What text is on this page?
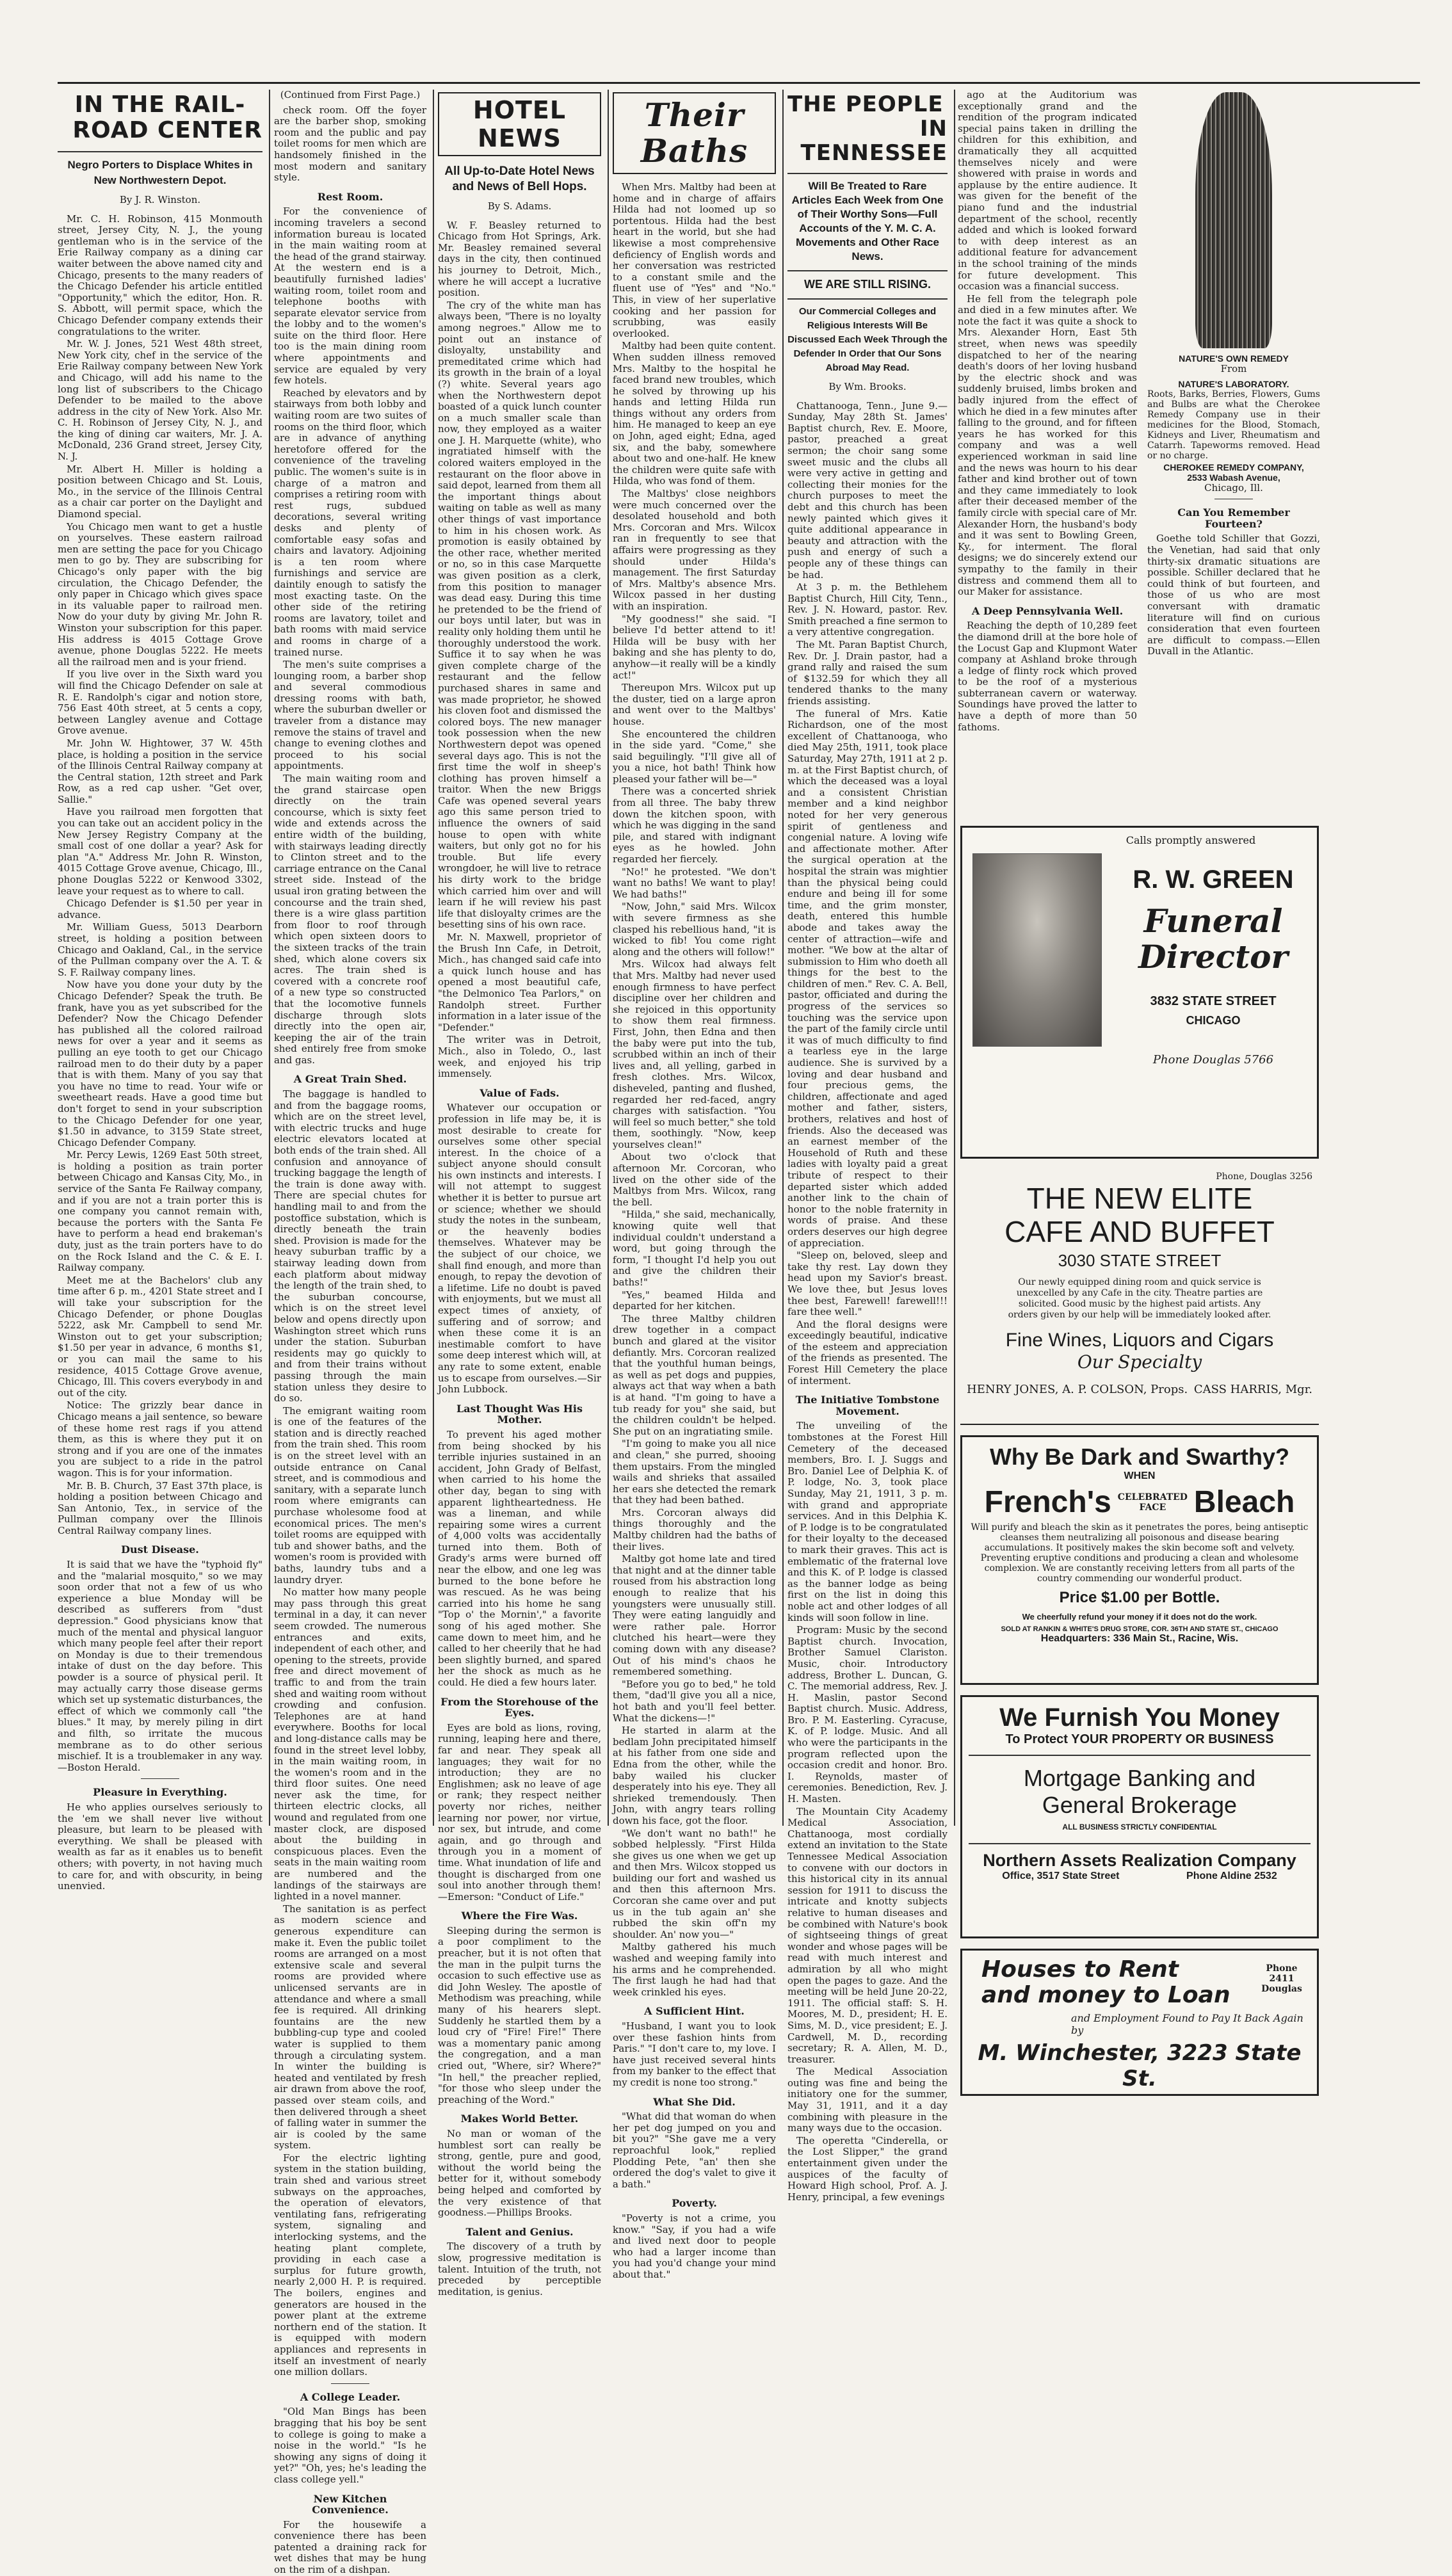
IN THE RAIL-
ROAD CENTER
Negro Porters to Displace Whites in New Northwestern Depot.
By J. R. Winston.

Mr. C. H. Robinson, 415 Monmouth street, Jersey City, N. J., the young gentleman who is in the service of the Erie Railway company as a dining car waiter between the above named city and Chicago, presents to the many readers of the Chicago Defender his article entitled "Opportunity," which the editor, Hon. R. S. Abbott, will permit space, which the Chicago Defender company extends their congratulations to the writer.

Mr. W. J. Jones, 521 West 48th street, New York city, chef in the service of the Erie Railway company between New York and Chicago, will add his name to the long list of subscribers to the Chicago Defender to be mailed to the above address in the city of New York. Also Mr. C. H. Robinson of Jersey City, N. J., and the king of dining car waiters, Mr. J. A. McDonald, 236 Grand street, Jersey City, N. J.

Mr. Albert H. Miller is holding a position between Chicago and St. Louis, Mo., in the service of the Illinois Central as a chair car porter on the Daylight and Diamond special.

You Chicago men want to get a hustle on yourselves. These eastern railroad men are setting the pace for you Chicago men to go by. They are subscribing for Chicago's only paper with the big circulation, the Chicago Defender, the only paper in Chicago which gives space in its valuable paper to railroad men. Now do your duty by giving Mr. John R. Winston your subscription for this paper. His address is 4015 Cottage Grove avenue, phone Douglas 5222. He meets all the railroad men and is your friend.

If you live over in the Sixth ward you will find the Chicago Defender on sale at R. E. Randolph's cigar and notion store, 756 East 40th street, at 5 cents a copy, between Langley avenue and Cottage Grove avenue.

Mr. John W. Hightower, 37 W. 45th place, is holding a position in the service of the Illinois Central Railway company at the Central station, 12th street and Park Row, as a red cap usher. "Get over, Sallie."

Have you railroad men forgotten that you can take out an accident policy in the New Jersey Registry Company at the small cost of one dollar a year? Ask for plan "A." Address Mr. John R. Winston, 4015 Cottage Grove avenue, Chicago, Ill., phone Douglas 5222 or Kenwood 3302, leave your request as to where to call.

Chicago Defender is $1.50 per year in advance.

Mr. William Guess, 5013 Dearborn street, is holding a position between Chicago and Oakland, Cal., in the service of the Pullman company over the A. T. & S. F. Railway company lines.

Now have you done your duty by the Chicago Defender? Speak the truth. Be frank, have you as yet subscribed for the Defender? Now the Chicago Defender has published all the colored railroad news for over a year and it seems as pulling an eye tooth to get our Chicago railroad men to do their duty by a paper that is with them. Many of you say that you have no time to read. Your wife or sweetheart reads. Have a good time but don't forget to send in your subscription to the Chicago Defender for one year, $1.50 in advance, to 3159 State street, Chicago Defender Company.

Mr. Percy Lewis, 1269 East 50th street, is holding a position as train porter between Chicago and Kansas City, Mo., in service of the Santa Fe Railway company, and if you are not a train porter this is one company you cannot remain with, because the porters with the Santa Fe have to perform a head end brakeman's duty, just as the train porters have to do on the Rock Island and the C. & E. I. Railway company.

Meet me at the Bachelors' club any time after 6 p. m., 4201 State street and I will take your subscription for the Chicago Defender, or phone Douglas 5222, ask Mr. Campbell to send Mr. Winston out to get your subscription; $1.50 per year in advance, 6 months $1, or you can mail the same to his residence, 4015 Cottage Grove avenue, Chicago, Ill. This covers everybody in and out of the city.

Notice: The grizzly bear dance in Chicago means a jail sentence, so beware of these home rest rags if you attend them, as this is where they put it on strong and if you are one of the inmates you are subject to a ride in the patrol wagon. This is for your information.

Mr. B. B. Church, 37 East 37th place, is holding a position between Chicago and San Antonio, Tex., in service of the Pullman company over the Illinois Central Railway company lines.

Dust Disease.

It is said that we have the "typhoid fly" and the "malarial mosquito," so we may soon order that not a few of us who experience a blue Monday will be described as sufferers from "dust depression." Good physicians know that much of the mental and physical languor which many people feel after their report on Monday is due to their tremendous intake of dust on the day before. This powder is a source of physical peril. It may actually carry those disease germs which set up systematic disturbances, the effect of which we commonly call "the blues." It may, by merely piling in dirt and filth, so irritate the mucous membrane as to do other serious mischief. It is a troublemaker in any way.—Boston Herald.

Pleasure in Everything.

He who applies ourselves seriously to the 'em we shall never live without pleasure, but learn to be pleased with everything. We shall be pleased with wealth as far as it enables us to benefit others; with poverty, in not having much to care for, and with obscurity, in being unenvied.

(Continued from First Page.)

check room. Off the foyer are the barber shop, smoking room and the public and pay toilet rooms for men which are handsomely finished in the most modern and sanitary style.

Rest Room.

For the convenience of incoming travelers a second information bureau is located in the main waiting room at the head of the grand stairway. At the western end is a beautifully furnished ladies' waiting room, toilet room and telephone booths with separate elevator service from the lobby and to the women's suite on the third floor. Here too is the main dining room where appointments and service are equaled by very few hotels.

Reached by elevators and by stairways from both lobby and waiting room are two suites of rooms on the third floor, which are in advance of anything heretofore offered for the convenience of the traveling public. The women's suite is in charge of a matron and comprises a retiring room with rest rugs, subdued decorations, several writing desks and plenty of comfortable easy sofas and chairs and lavatory. Adjoining is a ten room where furnishings and service are daintily enough to satisfy the most exacting taste. On the other side of the retiring rooms are lavatory, toilet and bath rooms with maid service and rooms in charge of a trained nurse.

The men's suite comprises a lounging room, a barber shop and several commodious dressing rooms with bath, where the suburban dweller or traveler from a distance may remove the stains of travel and change to evening clothes and proceed to his social appointments.

The main waiting room and the grand staircase open directly on the train concourse, which is sixty feet wide and extends across the entire width of the building, with stairways leading directly to Clinton street and to the carriage entrance on the Canal street side. Instead of the usual iron grating between the concourse and the train shed, there is a wire glass partition from floor to roof through which open sixteen doors to the sixteen tracks of the train shed, which alone covers six acres. The train shed is covered with a concrete roof of a new type so constructed that the locomotive funnels discharge through slots directly into the open air, keeping the air of the train shed entirely free from smoke and gas.

A Great Train Shed.

The baggage is handled to and from the baggage rooms, which are on the street level, with electric trucks and huge electric elevators located at both ends of the train shed. All confusion and annoyance of trucking baggage the length of the train is done away with. There are special chutes for handling mail to and from the postoffice substation, which is directly beneath the train shed. Provision is made for the heavy suburban traffic by a stairway leading down from each platform about midway the length of the train shed, to the suburban concourse, which is on the street level below and opens directly upon Washington street which runs under the station. Suburban residents may go quickly to and from their trains without passing through the main station unless they desire to do so.

The emigrant waiting room is one of the features of the station and is directly reached from the train shed. This room is on the street level with an outside entrance on Canal street, and is commodious and sanitary, with a separate lunch room where emigrants can purchase wholesome food at economical prices. The men's toilet rooms are equipped with tub and shower baths, and the women's room is provided with baths, laundry tubs and a laundry dryer.

No matter how many people may pass through this great terminal in a day, it can never seem crowded. The numerous entrances and exits, independent of each other, and opening to the streets, provide free and direct movement of traffic to and from the train shed and waiting room without crowding and confusion. Telephones are at hand everywhere. Booths for local and long-distance calls may be found in the street level lobby, in the main waiting room, in the women's room and in the third floor suites. One need never ask the time, for thirteen electric clocks, all wound and regulated from one master clock, are disposed about the building in conspicuous places. Even the seats in the main waiting room are numbered and the landings of the stairways are lighted in a novel manner.

The sanitation is as perfect as modern science and generous expenditure can make it. Even the public toilet rooms are arranged on a most extensive scale and several rooms are provided where unlicensed servants are in attendance and where a small fee is required. All drinking fountains are the new bubbling-cup type and cooled water is supplied to them through a circulating system. In winter the building is heated and ventilated by fresh air drawn from above the roof, passed over steam coils, and then delivered through a sheet of falling water in summer the air is cooled by the same system.

For the electric lighting system in the station building, train shed and various street subways on the approaches, the operation of elevators, ventilating fans, refrigerating system, signaling and interlocking systems, and the heating plant complete, providing in each case a surplus for future growth, nearly 2,000 H. P. is required. The boilers, engines and generators are housed in the power plant at the extreme northern end of the station. It is equipped with modern appliances and represents in itself an investment of nearly one million dollars.

A College Leader.

"Old Man Bings has been bragging that his boy be sent to college is going to make a noise in the world." "Is he showing any signs of doing it yet?" "Oh, yes; he's leading the class college yell."

New Kitchen Convenience.

For the housewife a convenience there has been patented a draining rack for wet dishes that may be hung on the rim of a dishpan.

HOTEL NEWS
All Up-to-Date Hotel News and News of Bell Hops.
By S. Adams.

W. F. Beasley returned to Chicago from Hot Springs, Ark. Mr. Beasley remained several days in the city, then continued his journey to Detroit, Mich., where he will accept a lucrative position.

The cry of the white man has always been, "There is no loyalty among negroes." Allow me to point out an instance of disloyalty, unstability and premeditated crime which had its growth in the brain of a loyal (?) white. Several years ago when the Northwestern depot boasted of a quick lunch counter on a much smaller scale than now, they employed as a waiter one J. H. Marquette (white), who ingratiated himself with the colored waiters employed in the restaurant on the floor above in said depot, learned from them all the important things about waiting on table as well as many other things of vast importance to him in his chosen work. As promotion is easily obtained by the other race, whether merited or no, so in this case Marquette was given position as a clerk, from this position to manager was dead easy. During this time he pretended to be the friend of our boys until later, but was in reality only holding them until he thoroughly understood the work. Suffice it to say when he was given complete charge of the restaurant and the fellow purchased shares in same and was made proprietor, he showed his cloven foot and dismissed the colored boys. The new manager took possession when the new Northwestern depot was opened several days ago. This is not the first time the wolf in sheep's clothing has proven himself a traitor. When the new Briggs Cafe was opened several years ago this same person tried to influence the owners of said house to open with white waiters, but only got no for his trouble. But life every wrongdoer, he will live to retrace his dirty work to the bridge which carried him over and will learn if he will review his past life that disloyalty crimes are the besetting sins of his own race.

Mr. N. Maxwell, proprietor of the Brush Inn Cafe, in Detroit, Mich., has changed said cafe into a quick lunch house and has opened a most beautiful cafe, "the Delmonico Tea Parlors," on Randolph street. Further information in a later issue of the "Defender."

The writer was in Detroit, Mich., also in Toledo, O., last week, and enjoyed his trip immensely.

Value of Fads.

Whatever our occupation or profession in life may be, it is most desirable to create for ourselves some other special interest. In the choice of a subject anyone should consult his own instincts and interests. I will not attempt to suggest whether it is better to pursue art or science; whether we should study the notes in the sunbeam, or the heavenly bodies themselves. Whatever may be the subject of our choice, we shall find enough, and more than enough, to repay the devotion of a lifetime. Life no doubt is paved with enjoyments, but we must all expect times of anxiety, of suffering and of sorrow; and when these come it is an inestimable comfort to have some deep interest which will, at any rate to some extent, enable us to escape from ourselves.—Sir John Lubbock.

Last Thought Was His Mother.

To prevent his aged mother from being shocked by his terrible injuries sustained in an accident, John Grady of Belfast, when carried to his home the other day, began to sing with apparent lightheartedness. He was a lineman, and while repairing some wires a current of 4,000 volts was accidentally turned into them. Both of Grady's arms were burned off near the elbow, and one leg was burned to the bone before he was rescued. As he was being carried into his home he sang "Top o' the Mornin'," a favorite song of his aged mother. She came down to meet him, and he called to her cheerily that he had been slightly burned, and spared her the shock as much as he could. He died a few hours later.

From the Storehouse of the Eyes.

Eyes are bold as lions, roving, running, leaping here and there, far and near. They speak all languages; they wait for no introduction; they are no Englishmen; ask no leave of age or rank; they respect neither poverty nor riches, neither learning nor power, nor virtue, nor sex, but intrude, and come again, and go through and through you in a moment of time. What inundation of life and thought is discharged from one soul into another through them!—Emerson: "Conduct of Life."

Where the Fire Was.

Sleeping during the sermon is a poor compliment to the preacher, but it is not often that the man in the pulpit turns the occasion to such effective use as did John Wesley. The apostle of Methodism was preaching, while many of his hearers slept. Suddenly he startled them by a loud cry of "Fire! Fire!" There was a momentary panic among the congregation, and a man cried out, "Where, sir? Where?" "In hell," the preacher replied, "for those who sleep under the preaching of the Word."

Makes World Better.

No man or woman of the humblest sort can really be strong, gentle, pure and good, without the world being the better for it, without somebody being helped and comforted by the very existence of that goodness.—Phillips Brooks.

Talent and Genius.

The discovery of a truth by slow, progressive meditation is talent. Intuition of the truth, not preceded by perceptible meditation, is genius.

Their Baths

When Mrs. Maltby had been at home and in charge of affairs Hilda had not loomed up so portentous. Hilda had the best heart in the world, but she had likewise a most comprehensive deficiency of English words and her conversation was restricted to a constant smile and the fluent use of "Yes" and "No." This, in view of her superlative cooking and her passion for scrubbing, was easily overlooked.

Maltby had been quite content. When sudden illness removed Mrs. Maltby to the hospital he faced brand new troubles, which he solved by throwing up his hands and letting Hilda run things without any orders from him. He managed to keep an eye on John, aged eight; Edna, aged six, and the baby, somewhere about two and one-half. He knew the children were quite safe with Hilda, who was fond of them.

The Maltbys' close neighbors were much concerned over the desolated household and both Mrs. Corcoran and Mrs. Wilcox ran in frequently to see that affairs were progressing as they should under Hilda's management. The first Saturday of Mrs. Maltby's absence Mrs. Wilcox passed in her dusting with an inspiration.

"My goodness!" she said. "I believe I'd better attend to it! Hilda will be busy with her baking and she has plenty to do, anyhow—it really will be a kindly act!"

Thereupon Mrs. Wilcox put up the duster, tied on a large apron and went over to the Maltbys' house.

She encountered the children in the side yard. "Come," she said beguilingly. "I'll give all of you a nice, hot bath! Think how pleased your father will be—"

There was a concerted shriek from all three. The baby threw down the kitchen spoon, with which he was digging in the sand pile, and stared with indignant eyes as he howled. John regarded her fiercely.

"No!" he protested. "We don't want no baths! We want to play! We had baths!"

"Now, John," said Mrs. Wilcox with severe firmness as she clasped his rebellious hand, "it is wicked to fib! You come right along and the others will follow!"

Mrs. Wilcox had always felt that Mrs. Maltby had never used enough firmness to have perfect discipline over her children and she rejoiced in this opportunity to show them real firmness. First, John, then Edna and then the baby were put into the tub, scrubbed within an inch of their lives and, all yelling, garbed in fresh clothes. Mrs. Wilcox, disheveled, panting and flushed, regarded her red-faced, angry charges with satisfaction. "You will feel so much better," she told them, soothingly. "Now, keep yourselves clean!"

About two o'clock that afternoon Mr. Corcoran, who lived on the other side of the Maltbys from Mrs. Wilcox, rang the bell.

"Hilda," she said, mechanically, knowing quite well that individual couldn't understand a word, but going through the form, "I thought I'd help you out and give the children their baths!"

"Yes," beamed Hilda and departed for her kitchen.

The three Maltby children drew together in a compact bunch and glared at the visitor defiantly. Mrs. Corcoran realized that the youthful human beings, as well as pet dogs and puppies, always act that way when a bath is at hand. "I'm going to have a tub ready for you" she said, but the children couldn't be helped. She put on an ingratiating smile.

"I'm going to make you all nice and clean," she purred, shooing them upstairs. From the mingled wails and shrieks that assailed her ears she detected the remark that they had been bathed.

Mrs. Corcoran always did things thoroughly and the Maltby children had the baths of their lives.

Maltby got home late and tired that night and at the dinner table roused from his abstraction long enough to realize that his youngsters were unusually still. They were eating languidly and were rather pale. Horror clutched his heart—were they coming down with any disease? Out of his mind's chaos he remembered something.

"Before you go to bed," he told them, "dad'll give you all a nice, hot bath and you'll feel better. What the dickens—!"

He started in alarm at the bedlam John precipitated himself at his father from one side and Edna from the other, while the baby wailed his clucker desperately into his eye. They all shrieked tremendously. Then John, with angry tears rolling down his face, got the floor.

"We don't want no bath!" he sobbed helplessly. "First Hilda she gives us one when we get up and then Mrs. Wilcox stopped us building our fort and washed us and then this afternoon Mrs. Corcoran she came over and put us in the tub again an' she rubbed the skin off'n my shoulder. An' now you—"

Maltby gathered his much washed and weeping family into his arms and he comprehended. The first laugh he had had that week crinkled his eyes.

A Sufficient Hint.

"Husband, I want you to look over these fashion hints from Paris." "I don't care to, my love. I have just received several hints from my banker to the effect that my credit is none too strong."

What She Did.

"What did that woman do when her pet dog jumped on you and bit you?" "She gave me a very reproachful look," replied Plodding Pete, "an' then she ordered the dog's valet to give it a bath."

Poverty.

"Poverty is not a crime, you know." "Say, if you had a wife and lived next door to people who had a larger income than you had you'd change your mind about that."

THE PEOPLE
IN TENNESSEE
Will Be Treated to Rare Articles Each Week from One of Their Worthy Sons—Full Accounts of the Y. M. C. A. Movements and Other Race News.
WE ARE STILL RISING.
Our Commercial Colleges and Religious Interests Will Be Discussed Each Week Through the Defender In Order that Our Sons Abroad May Read.
By Wm. Brooks.

Chattanooga, Tenn., June 9.—Sunday, May 28th St. James' Baptist church, Rev. E. Moore, pastor, preached a great sermon; the choir sang some sweet music and the clubs all were very active in getting and collecting their monies for the church purposes to meet the debt and this church has been newly painted which gives it quite additional appearance in beauty and attraction with the push and energy of such a people any of these things can be had.

At 3 p. m. the Bethlehem Baptist Church, Hill City, Tenn., Rev. J. N. Howard, pastor. Rev. Smith preached a fine sermon to a very attentive congregation.

The Mt. Paran Baptist Church, Rev. Dr. J. Drain pastor, had a grand rally and raised the sum of $132.59 for which they all tendered thanks to the many friends assisting.

The funeral of Mrs. Katie Richardson, one of the most excellent of Chattanooga, who died May 25th, 1911, took place Saturday, May 27th, 1911 at 2 p. m. at the First Baptist church, of which the deceased was a loyal and a consistent Christian member and a kind neighbor noted for her very generous spirit of gentleness and congenial nature. A loving wife and affectionate mother. After the surgical operation at the hospital the strain was mightier than the physical being could endure and being ill for some time, and the grim monster, death, entered this humble abode and takes away the center of attraction—wife and mother. "We bow at the altar of submission to Him who doeth all things for the best to the children of men." Rev. C. A. Bell, pastor, officiated and during the progress of the services so touching was the service upon the part of the family circle until it was of much difficulty to find a tearless eye in the large audience. She is survived by a loving and dear husband and four precious gems, the children, affectionate and aged mother and father, sisters, brothers, relatives and host of friends. Also the deceased was an earnest member of the Household of Ruth and these ladies with loyalty paid a great tribute of respect to their departed sister which added another link to the chain of honor to the noble fraternity in words of praise. And these orders deserves our high degree of appreciation.

"Sleep on, beloved, sleep and take thy rest. Lay down they head upon my Savior's breast. We love thee, but Jesus loves thee best, Farewell! farewell!!! fare thee well."

And the floral designs were exceedingly beautiful, indicative of the esteem and appreciation of the friends as presented. The Forest Hill Cemetery the place of interment.

The Initiative Tombstone Movement.

The unveiling of the tombstones at the Forest Hill Cemetery of the deceased members, Bro. I. J. Suggs and Bro. Daniel Lee of Delphia K. of P. lodge, No. 3, took place Sunday, May 21, 1911, 3 p. m. with grand and appropriate services. And in this Delphia K. of P. lodge is to be congratulated for their loyalty to the deceased to mark their graves. This act is emblematic of the fraternal love and this K. of P. lodge is classed as the banner lodge as being first on the list in doing this noble act and other lodges of all kinds will soon follow in line.

Program: Music by the second Baptist church. Invocation, Brother Samuel Clariston. Music, choir. Introductory address, Brother L. Duncan, G. C. The memorial address, Rev. J. H. Maslin, pastor Second Baptist church. Music. Address, Bro. P. M. Easterling. Cyracuse, K. of P. lodge. Music. And all who were the participants in the program reflected upon the occasion credit and honor. Bro. I. Reynolds, master of ceremonies. Benediction, Rev. J. H. Masten.

The Mountain City Academy Medical Association, Chattanooga, most cordially extend an invitation to the State Tennessee Medical Association to convene with our doctors in this historical city in its annual session for 1911 to discuss the intricate and knotty subjects relative to human diseases and be combined with Nature's book of sightseeing things of great wonder and whose pages will be read with much interest and admiration by all who might open the pages to gaze. And the meeting will be held June 20-22, 1911. The official staff: S. H. Moores, M. D., president; H. E. Sims, M. D., vice president; E. J. Cardwell, M. D., recording secretary; R. A. Allen, M. D., treasurer.

The Medical Association outing was fine and being the initiatory one for the summer, May 31, 1911, and it a day combining with pleasure in the many ways due to the occasion.

The operetta "Cinderella, or the Lost Slipper," the grand entertainment given under the auspices of the faculty of Howard High school, Prof. A. J. Henry, principal, a few evenings

ago at the Auditorium was exceptionally grand and the rendition of the program indicated special pains taken in drilling the children for this exhibition, and dramatically they all acquitted themselves nicely and were showered with praise in words and applause by the entire audience. It was given for the benefit of the piano fund and the industrial department of the school, recently added and which is looked forward to with deep interest as an additional feature for advancement in the school training of the minds for future development. This occasion was a financial success.

He fell from the telegraph pole and died in a few minutes after. We note the fact it was quite a shock to Mrs. Alexander Horn, East 5th street, when news was speedily dispatched to her of the nearing death's doors of her loving husband by the electric shock and was suddenly bruised, limbs broken and badly injured from the effect of which he died in a few minutes after falling to the ground, and for fifteen years he has worked for this company and was a well experienced workman in said line and the news was hourn to his dear father and kind brother out of town and they came immediately to look after their deceased member of the family circle with special care of Mr. Alexander Horn, the husband's body and it was sent to Bowling Green, Ky., for interment. The floral designs; we do sincerely extend our sympathy to the family in their distress and commend them all to our Maker for assistance.

A Deep Pennsylvania Well.

Reaching the depth of 10,289 feet the diamond drill at the bore hole of the Locust Gap and Klupmont Water company at Ashland broke through a ledge of flinty rock which proved to be the roof of a mysterious subterranean cavern or waterway. Soundings have proved the latter to have a depth of more than 50 fathoms.

NATURE'S OWN REMEDY
From
NATURE'S LABORATORY.

Roots, Barks, Berries, Flowers, Gums and Bulbs are what the Cherokee Remedy Company use in their medicines for the Blood, Stomach, Kidneys and Liver, Rheumatism and Catarrh. Tapeworms removed. Head or no charge.

CHEROKEE REMEDY COMPANY,
2533 Wabash Avenue,
Chicago, Ill.
Can You Remember Fourteen?

Goethe told Schiller that Gozzi, the Venetian, had said that only thirty-six dramatic situations are possible. Schiller declared that he could think of but fourteen, and those of us who are most conversant with dramatic literature will find on curious consideration that even fourteen are difficult to compass.—Ellen Duvall in the Atlantic.

Calls promptly answered
R. W. GREEN
Funeral
Director
3832 STATE STREET
CHICAGO
Phone Douglas 5766
Phone, Douglas 3256
THE NEW ELITE
CAFE AND BUFFET
3030 STATE STREET
Our newly equipped dining room and quick service is unexcelled by any Cafe in the city. Theatre parties are solicited. Good music by the highest paid artists. Any orders given by our help will be immediately looked after.
Fine Wines, Liquors and Cigars
Our Specialty
HENRY JONES, A. P. COLSON, Props. CASS HARRIS, Mgr.
Why Be Dark and Swarthy?
WHEN
French's CELEBRATED
FACE Bleach
Will purify and bleach the skin as it penetrates the pores, being antiseptic cleanses them neutralizing all poisonous and disease bearing accumulations. It positively makes the skin become soft and velvety. Preventing eruptive conditions and producing a clean and wholesome complexion. We are constantly receiving letters from all parts of the country commending our wonderful product.
Price $1.00 per Bottle.
We cheerfully refund your money if it does not do the work.
SOLD AT RANKIN & WHITE'S DRUG STORE, COR. 36TH AND STATE ST., CHICAGO
Headquarters: 336 Main St., Racine, Wis.
We Furnish You Money
To Protect YOUR PROPERTY OR BUSINESS
Mortgage Banking and
General Brokerage
ALL BUSINESS STRICTLY CONFIDENTIAL
Northern Assets Realization Company
Office, 3517 State Street	Phone Aldine 2532
Houses to Rent
and money to Loan
Phone 2411 Douglas
and Employment Found to Pay It Back Again by
M. Winchester, 3223 State St.
